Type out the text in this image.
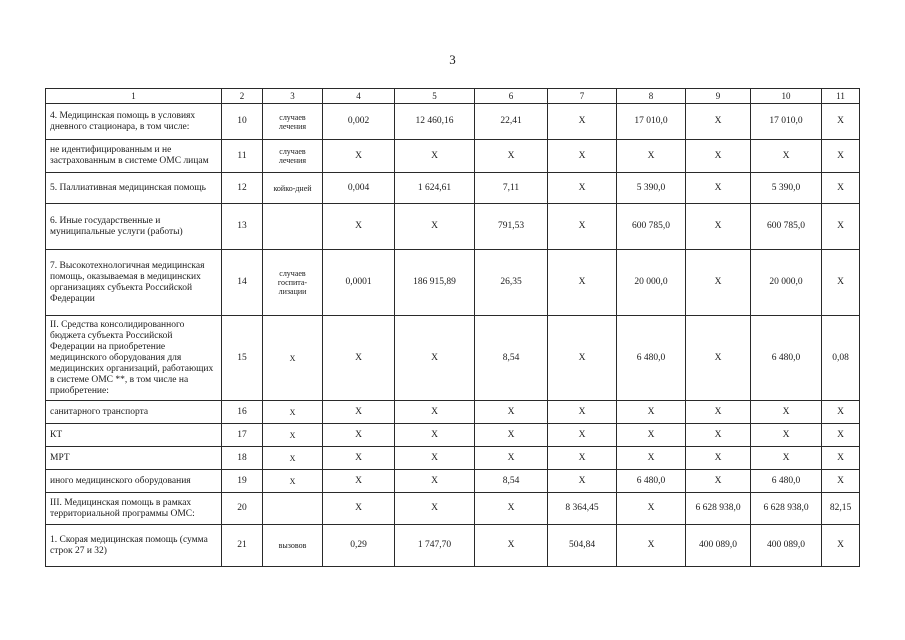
3
1	2	3	4	5	6	7	8	9	10	11
4. Медицинская помощь в условиях дневного стационара, в том числе:	10	случаев лечения	0,002	12 460,16	22,41	Х	17 010,0	Х	17 010,0	Х
не идентифицированным и не застрахованным в системе ОМС лицам	11	случаев лечения	Х	Х	Х	Х	Х	Х	Х	Х
5. Паллиативная медицинская помощь	12	койко-дней	0,004	1 624,61	7,11	Х	5 390,0	Х	5 390,0	Х
6. Иные государственные и муниципальные услуги (работы)	13		Х	Х	791,53	Х	600 785,0	Х	600 785,0	Х
7. Высокотехнологичная медицинская помощь, оказываемая в медицинских организациях субъекта Российской Федерации	14	случаев госпита-лизации	0,0001	186 915,89	26,35	Х	20 000,0	Х	20 000,0	Х
II. Средства консолидированного бюджета субъекта Российской Федерации на приобретение медицинского оборудования для медицинских организаций, работающих в системе ОМС **, в том числе на приобретение:	15	Х	Х	Х	8,54	Х	6 480,0	Х	6 480,0	0,08
санитарного транспорта	16	Х	Х	Х	Х	Х	Х	Х	Х	Х
КТ	17	Х	Х	Х	Х	Х	Х	Х	Х	Х
МРТ	18	Х	Х	Х	Х	Х	Х	Х	Х	Х
иного медицинского оборудования	19	Х	Х	Х	8,54	Х	6 480,0	Х	6 480,0	Х
III. Медицинская помощь в рамках территориальной программы ОМС:	20		Х	Х	Х	8 364,45	Х	6 628 938,0	6 628 938,0	82,15
1. Скорая медицинская помощь (сумма строк 27 и 32)	21	вызовов	0,29	1 747,70	Х	504,84	Х	400 089,0	400 089,0	Х
